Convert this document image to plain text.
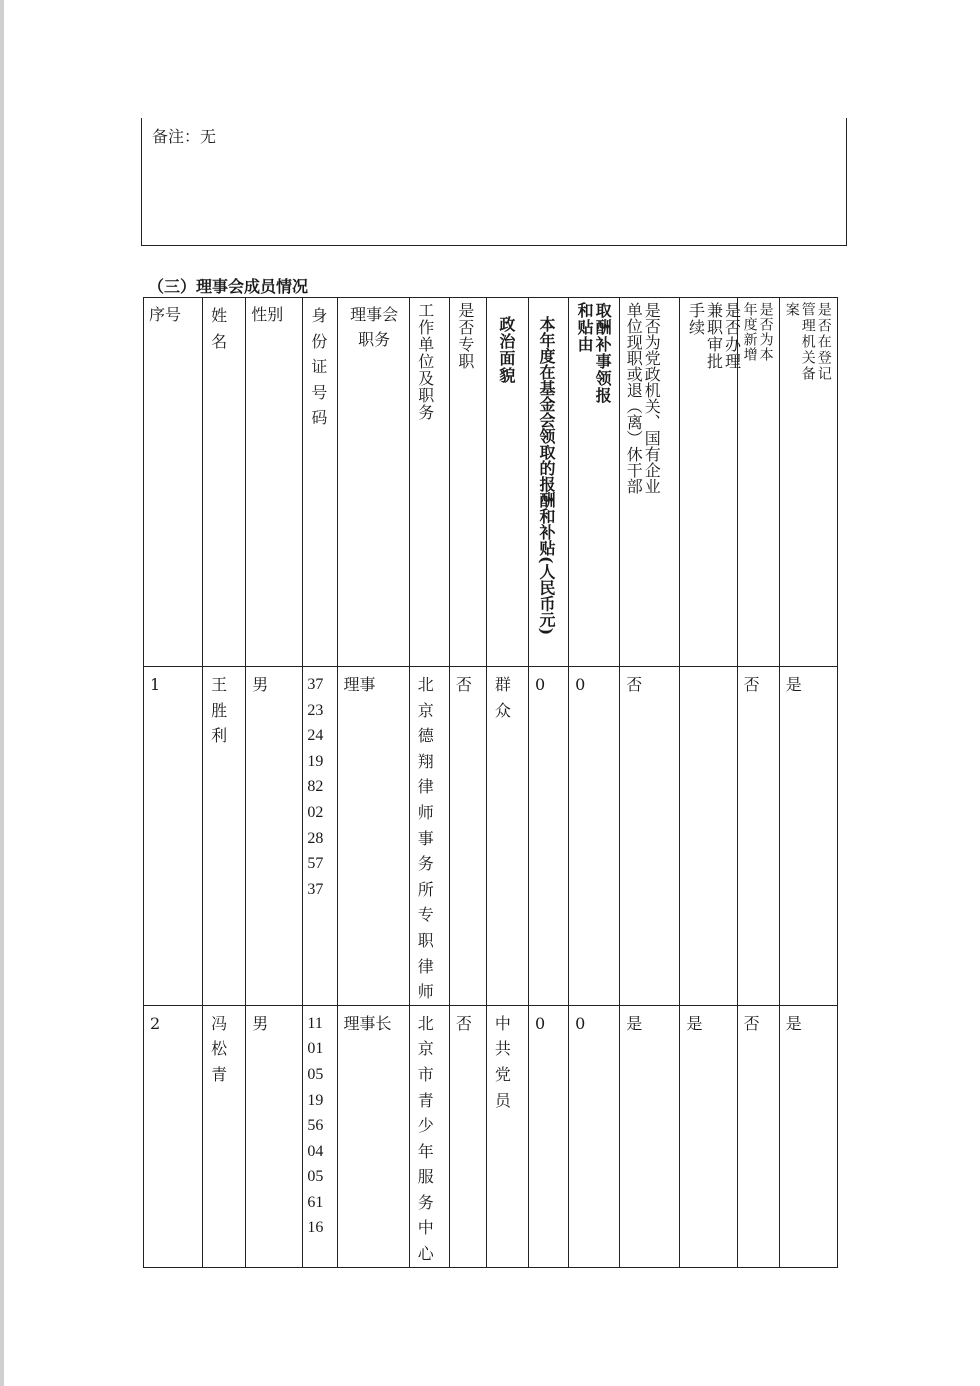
备注：无
（三）理事会成员情况
序号	姓名	性别	身份证号码	理事会职务	工作单位及职务	是否专职	政治面貌	本年度在基金会领取的报酬和补贴(人民币元)	取酬补事领报和贴由	是否为党政机关、国有企业单位现职或退（离）休干部	是否办理兼职审批手续	是否为本年度新增	是否在登记管理机关备案

1	王胜利	男	372324198202285737	理事	北京德翔律师事务所专职律师	否	群众	0	0	否		否	是

2	冯松青	男	110105195604056116	理事长	北京市青少年服务中心	否	中共党员	0	0	是	是	否	是
